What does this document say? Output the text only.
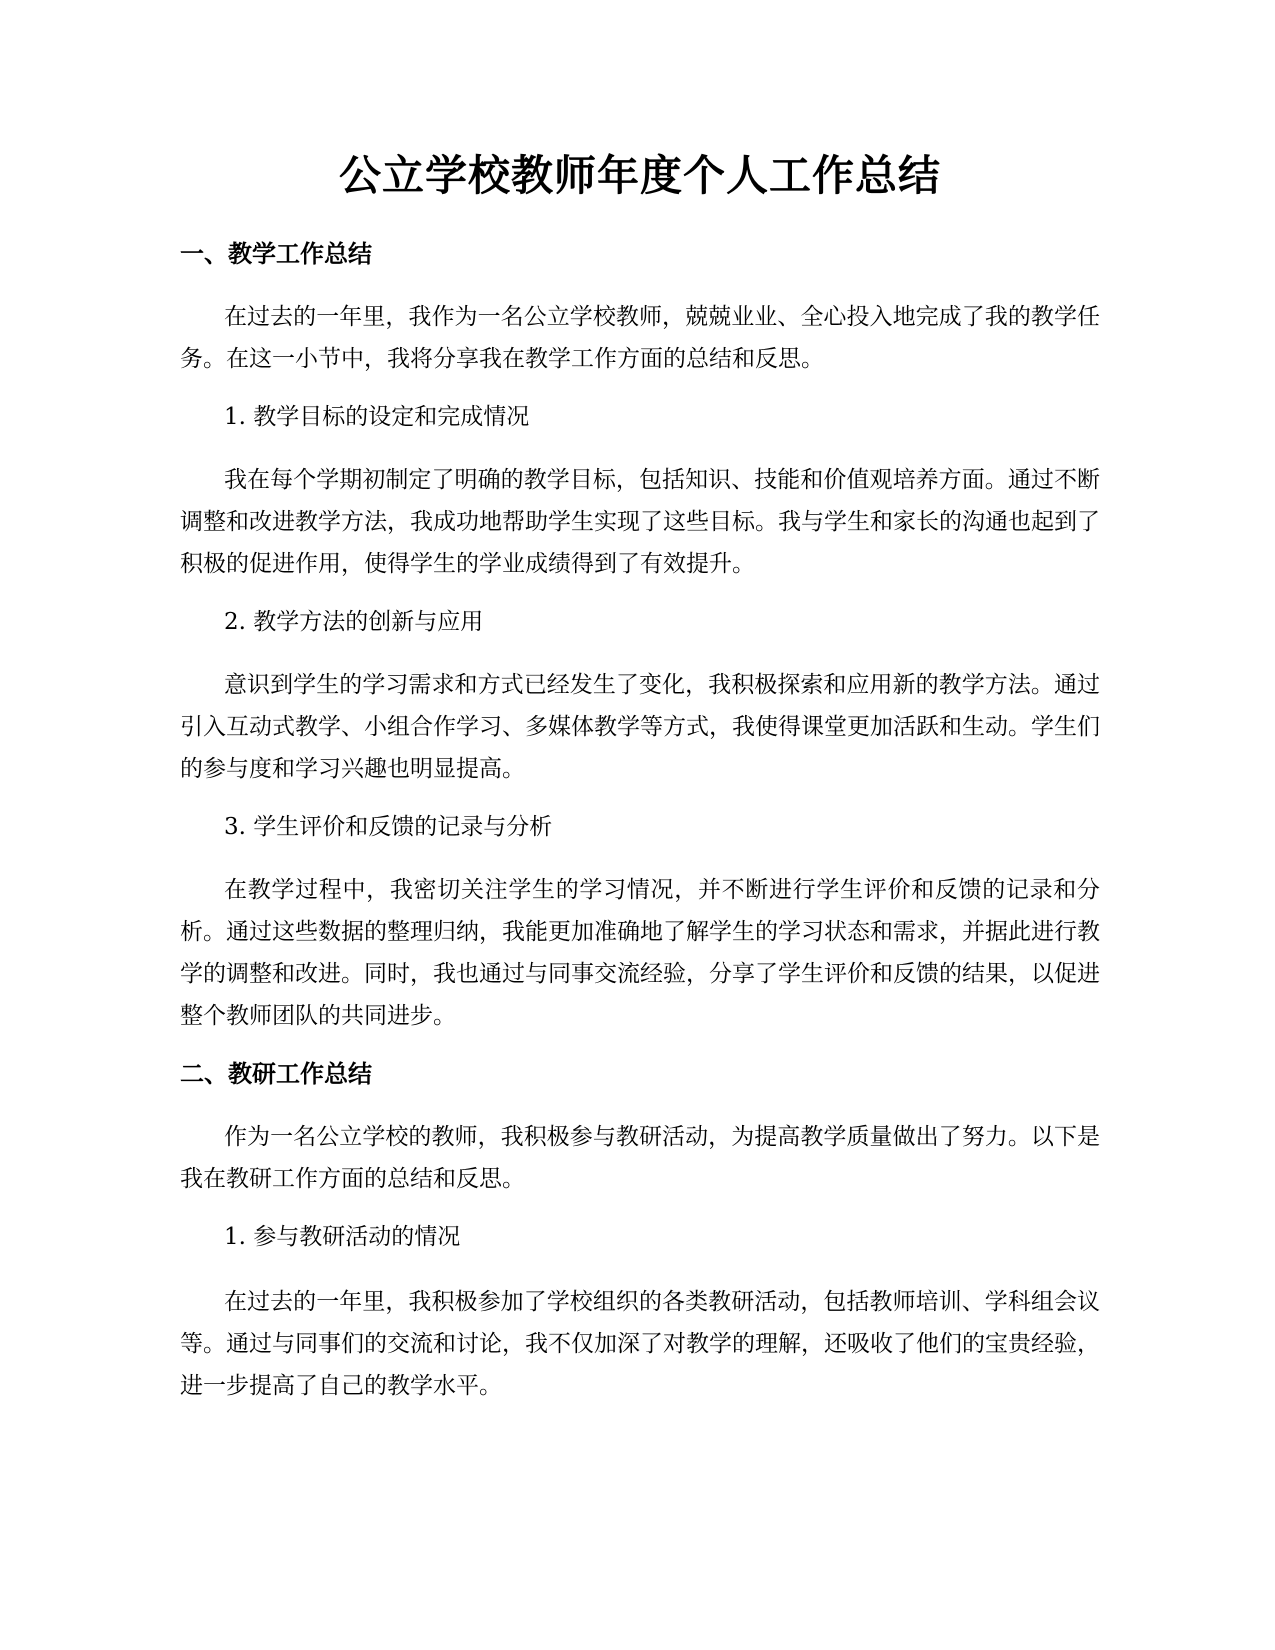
公立学校教师年度个人工作总结
一、教学工作总结

在过去的一年里，我作为一名公立学校教师，兢兢业业、全心投入地完成了我的教学任务。在这一小节中，我将分享我在教学工作方面的总结和反思。

1. 教学目标的设定和完成情况

我在每个学期初制定了明确的教学目标，包括知识、技能和价值观培养方面。通过不断调整和改进教学方法，我成功地帮助学生实现了这些目标。我与学生和家长的沟通也起到了积极的促进作用，使得学生的学业成绩得到了有效提升。

2. 教学方法的创新与应用

意识到学生的学习需求和方式已经发生了变化，我积极探索和应用新的教学方法。通过引入互动式教学、小组合作学习、多媒体教学等方式，我使得课堂更加活跃和生动。学生们的参与度和学习兴趣也明显提高。

3. 学生评价和反馈的记录与分析

在教学过程中，我密切关注学生的学习情况，并不断进行学生评价和反馈的记录和分析。通过这些数据的整理归纳，我能更加准确地了解学生的学习状态和需求，并据此进行教学的调整和改进。同时，我也通过与同事交流经验，分享了学生评价和反馈的结果，以促进整个教师团队的共同进步。

二、教研工作总结

作为一名公立学校的教师，我积极参与教研活动，为提高教学质量做出了努力。以下是我在教研工作方面的总结和反思。

1. 参与教研活动的情况

在过去的一年里，我积极参加了学校组织的各类教研活动，包括教师培训、学科组会议等。通过与同事们的交流和讨论，我不仅加深了对教学的理解，还吸收了他们的宝贵经验，进一步提高了自己的教学水平。
